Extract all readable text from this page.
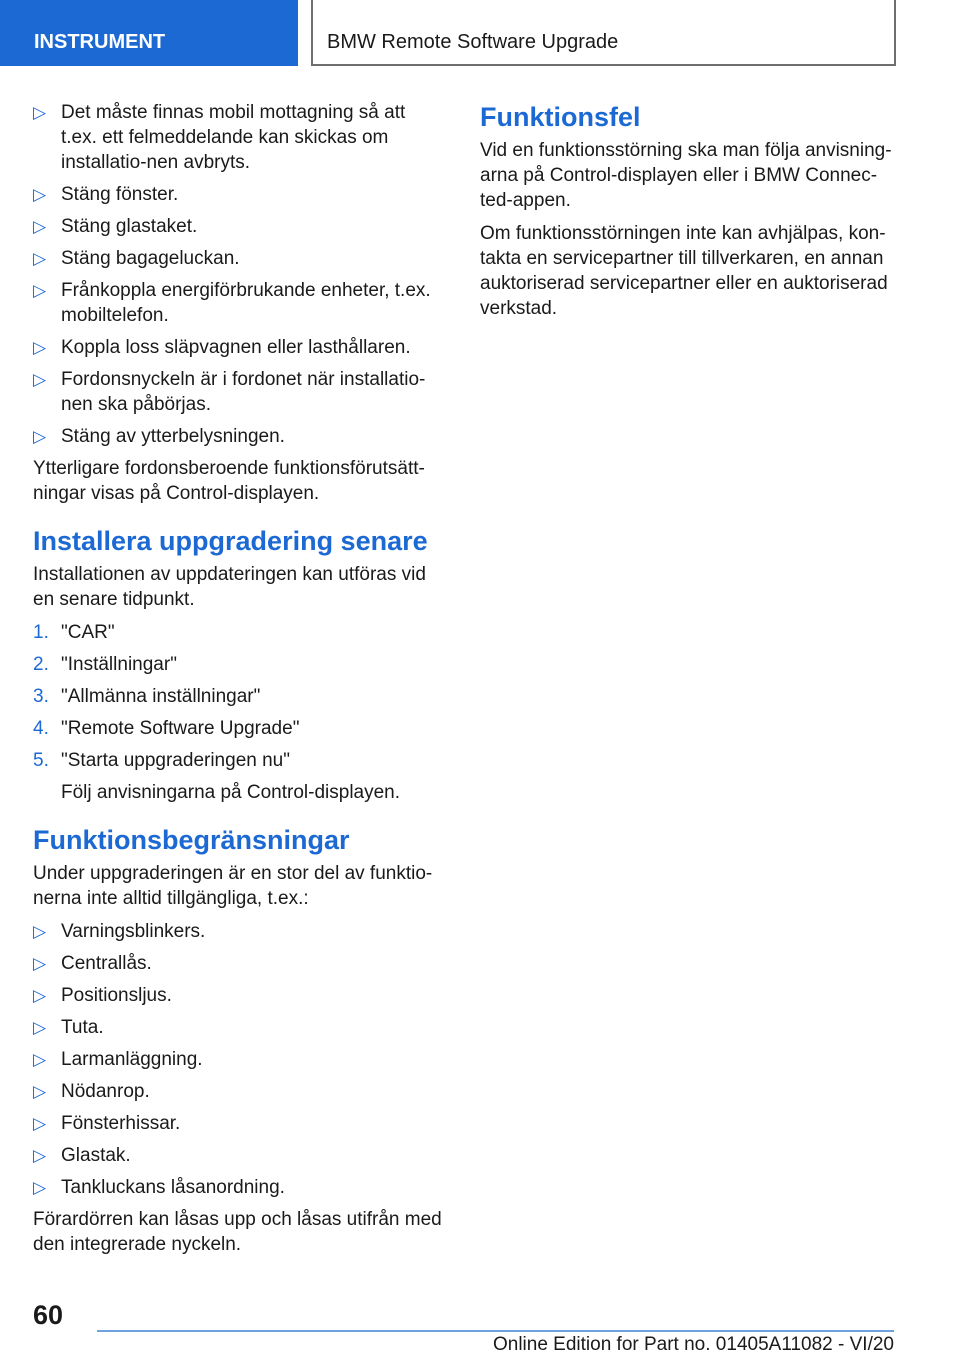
INSTRUMENT	BMW Remote Software Upgrade
▷ Det måste finnas mobil mottagning så att t.ex. ett felmeddelande kan skickas om installatio-nen avbryts.
▷ Stäng fönster.
▷ Stäng glastaket.
▷ Stäng bagageluckan.
▷ Frånkoppla energiförbrukande enheter, t.ex. mobiltelefon.
▷ Koppla loss släpvagnen eller lasthållaren.
▷ Fordonsnyckeln är i fordonet när installatio-nen ska påbörjas.
▷ Stäng av ytterbelysningen.

Ytterligare fordonsberoende funktionsförutsätt-ningar visas på Control-displayen.

Installera uppgradering senare

Installationen av uppdateringen kan utföras vid en senare tidpunkt.

1. "CAR"
2. "Inställningar"
3. "Allmänna inställningar"
4. "Remote Software Upgrade"
5. "Starta uppgraderingen nu"

Följ anvisningarna på Control-displayen.

Funktionsbegränsningar

Under uppgraderingen är en stor del av funktio-nerna inte alltid tillgängliga, t.ex.:

▷ Varningsblinkers.
▷ Centrallås.
▷ Positionsljus.
▷ Tuta.
▷ Larmanläggning.
▷ Nödanrop.
▷ Fönsterhissar.
▷ Glastak.
▷ Tankluckans låsanordning.

Förardörren kan låsas upp och låsas utifrån med den integrerade nyckeln.

Funktionsfel

Vid en funktionsstörning ska man följa anvisning-arna på Control-displayen eller i BMW Connec-ted-appen.

Om funktionsstörningen inte kan avhjälpas, kon-takta en servicepartner till tillverkaren, en annan auktoriserad servicepartner eller en auktoriserad verkstad.

60
Online Edition for Part no. 01405A11082 - VI/20
